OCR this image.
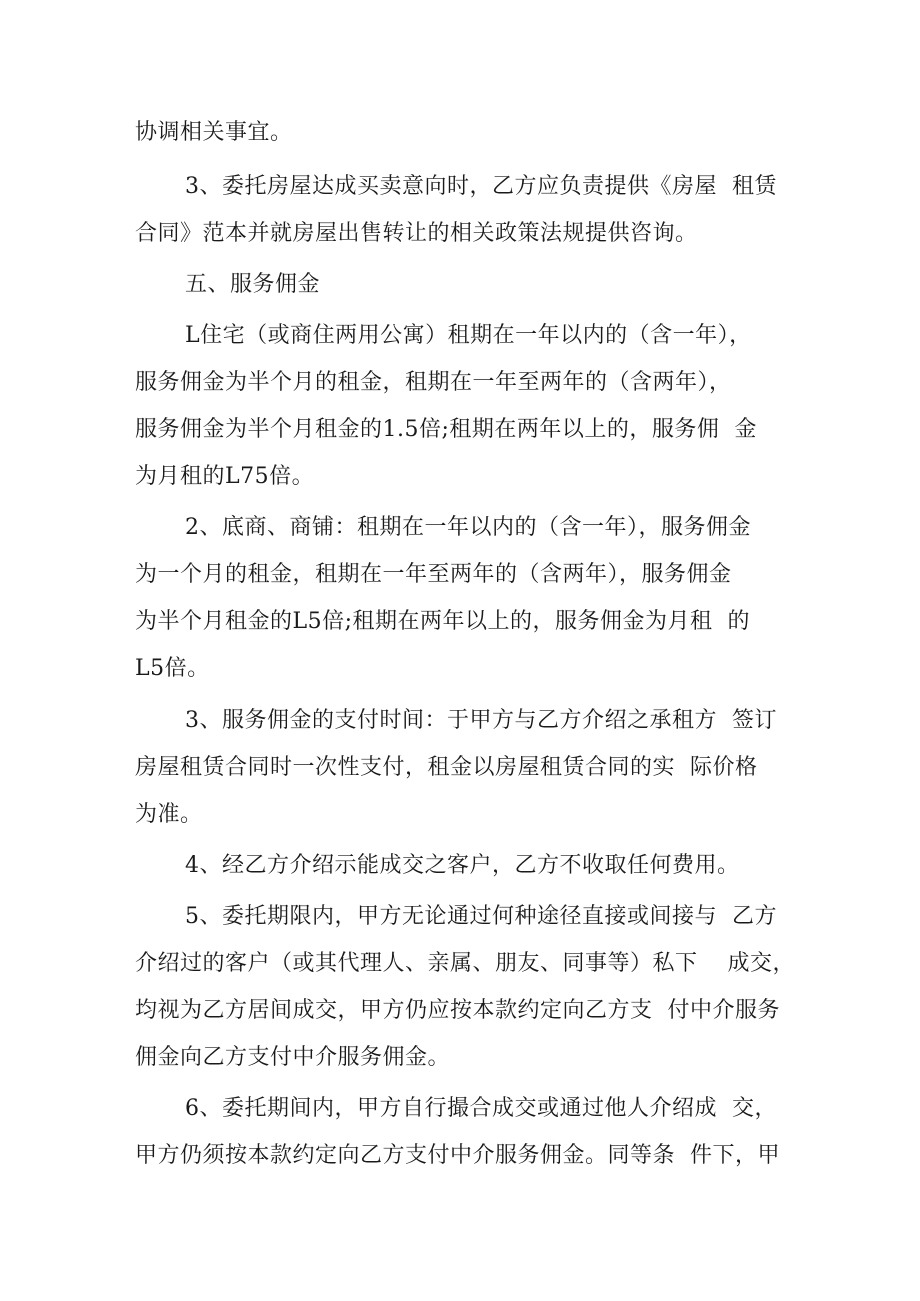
协调相关事宜。
3、委托房屋达成买卖意向时，乙方应负责提供《房屋  租赁
合同》范本并就房屋出售转让的相关政策法规提供咨询。
五、服务佣金
L住宅（或商住两用公寓）租期在一年以内的（含一年），
服务佣金为半个月的租金，租期在一年至两年的（含两年），
服务佣金为半个月租金的1.5倍;租期在两年以上的，服务佣  金
为月租的L75倍。
2、底商、商铺：租期在一年以内的（含一年），服务佣金
为一个月的租金，租期在一年至两年的（含两年），服务佣金
为半个月租金的L5倍;租期在两年以上的，服务佣金为月租  的
L5倍。
3、服务佣金的支付时间：于甲方与乙方介绍之承租方  签订
房屋租赁合同时一次性支付，租金以房屋租赁合同的实  际价格
为准。
4、经乙方介绍示能成交之客户，乙方不收取任何费用。
5、委托期限内，甲方无论通过何种途径直接或间接与  乙方
介绍过的客户（或其代理人、亲属、朋友、同事等）私下    成交，
均视为乙方居间成交，甲方仍应按本款约定向乙方支  付中介服务
佣金向乙方支付中介服务佣金。
6、委托期间内，甲方自行撮合成交或通过他人介绍成  交，
甲方仍须按本款约定向乙方支付中介服务佣金。同等条  件下，甲
